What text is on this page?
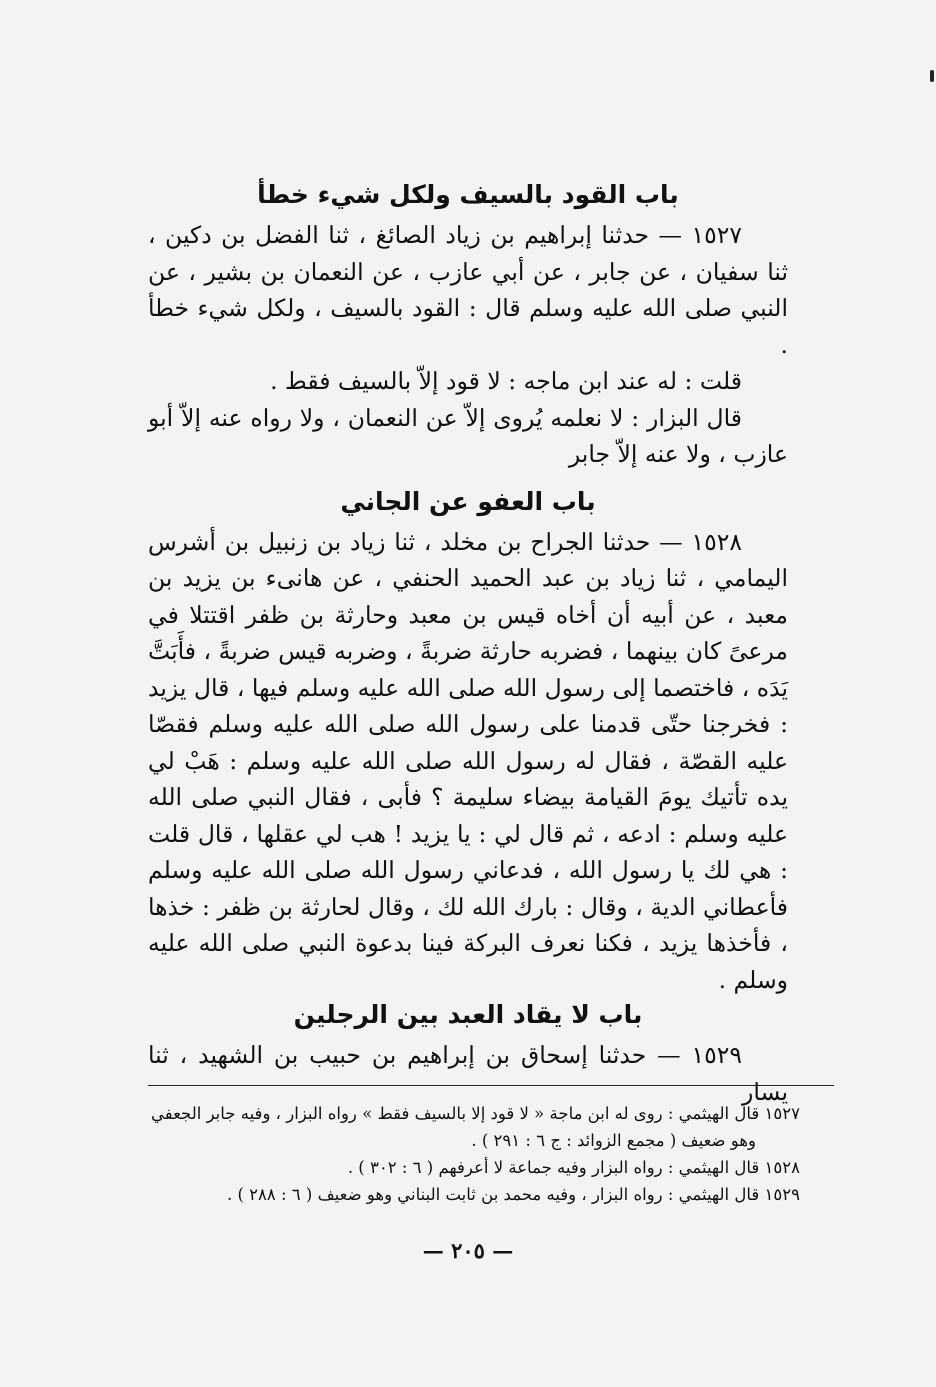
باب القود بالسيف ولكل شيء خطأ

١٥٢٧ — حدثنا إبراهيم بن زياد الصائغ ، ثنا الفضل بن دكين ، ثنا سفيان ، عن جابر ، عن أبي عازب ، عن النعمان بن بشير ، عن النبي صلى الله عليه وسلم قال : القود بالسيف ، ولكل شيء خطأ .

قلت : له عند ابن ماجه : لا قود إلاّ بالسيف فقط .

قال البزار : لا نعلمه يُروى إلاّ عن النعمان ، ولا رواه عنه إلاّ أبو عازب ، ولا عنه إلاّ جابر

باب العفو عن الجاني

١٥٢٨ — حدثنا الجراح بن مخلد ، ثنا زياد بن زنبيل بن أشرس اليمامي ، ثنا زياد بن عبد الحميد الحنفي ، عن هانىء بن يزيد بن معبد ، عن أبيه أن أخاه قيس بن معبد وحارثة بن ظفر اقتتلا في مرعىً كان بينهما ، فضربه حارثة ضربةً ، وضربه قيس ضربةً ، فأَبَتَّ يَدَه ، فاختصما إلى رسول الله صلى الله عليه وسلم فيها ، قال يزيد : فخرجنا حتّى قدمنا على رسول الله صلى الله عليه وسلم فقصّا عليه القصّة ، فقال له رسول الله صلى الله عليه وسلم : هَبْ لي يده تأتيك يومَ القيامة بيضاء سليمة ؟ فأبى ، فقال النبي صلى الله عليه وسلم : ادعه ، ثم قال لي : يا يزيد ! هب لي عقلها ، قال قلت : هي لك يا رسول الله ، فدعاني رسول الله صلى الله عليه وسلم فأعطاني الدية ، وقال : بارك الله لك ، وقال لحارثة بن ظفر : خذها ، فأخذها يزيد ، فكنا نعرف البركة فينا بدعوة النبي صلى الله عليه وسلم .

باب لا يقاد العبد بين الرجلين

١٥٢٩ — حدثنا إسحاق بن إبراهيم بن حبيب بن الشهيد ، ثنا يسار

١٥٢٧ قال الهيثمي : روى له ابن ماجة « لا قود إلا بالسيف فقط » رواه البزار ، وفيه جابر الجعفي وهو ضعيف ( مجمع الزوائد : ج ٦ : ٢٩١ ) .

١٥٢٨ قال الهيثمي : رواه البزار وفيه جماعة لا أعرفهم ( ٦ : ٣٠٢ ) .

١٥٢٩ قال الهيثمي : رواه البزار ، وفيه محمد بن ثابت البناني وهو ضعيف ( ٦ : ٢٨٨ ) .

— ٢٠٥ —
